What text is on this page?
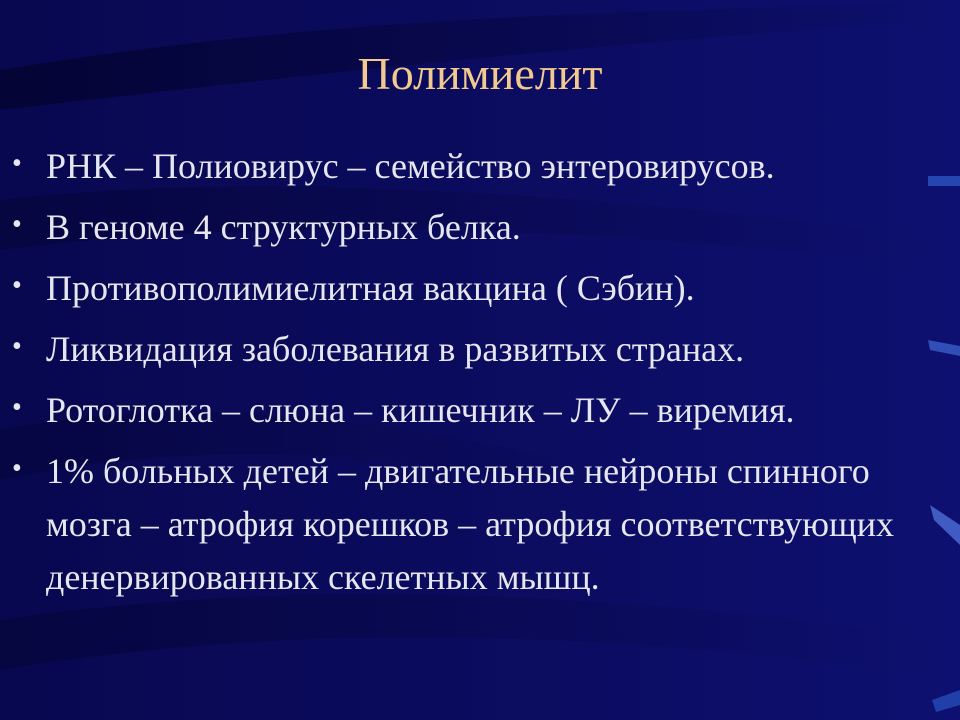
Полимиелит
• РНК – Полиовирус – семейство энтеровирусов.
• В геноме 4 структурных белка.
• Противополимиелитная вакцина ( Сэбин).
• Ликвидация заболевания в развитых странах.
• Ротоглотка – слюна – кишечник – ЛУ – виремия.
• 1% больных детей – двигательные нейроны спинного мозга – атрофия корешков – атрофия соответствующих денервированных скелетных мышц.
